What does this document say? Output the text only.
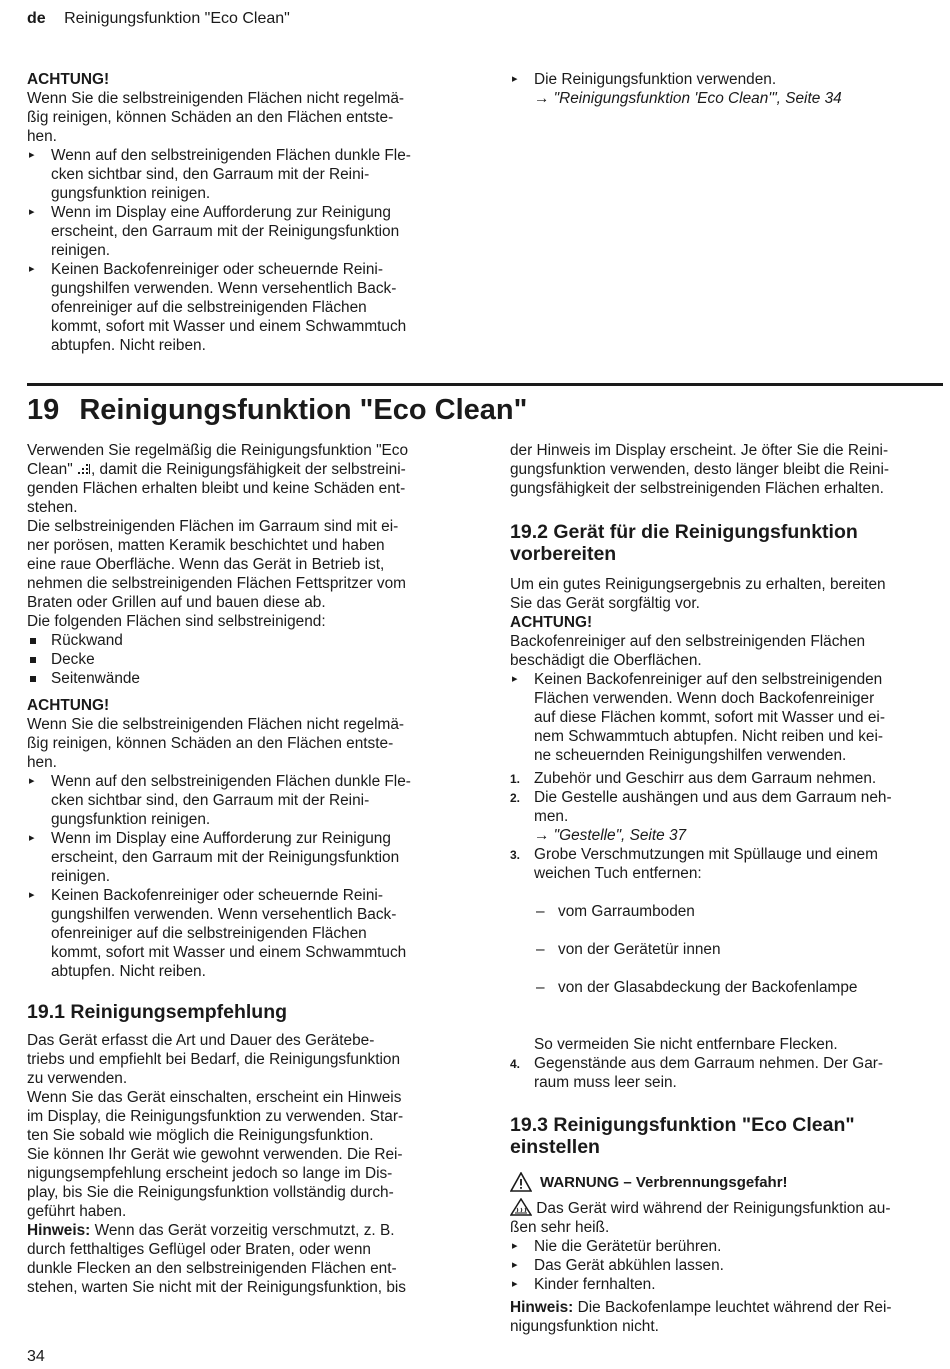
de Reinigungsfunktion "Eco Clean"

ACHTUNG!

Wenn Sie die selbstreinigenden Flächen nicht regelmä-
ßig reinigen, können Schäden an den Flächen entste-
hen.

▸ Wenn auf den selbstreinigenden Flächen dunkle Fle-
cken sichtbar sind, den Garraum mit der Reini-
gungsfunktion reinigen.
▸ Wenn im Display eine Aufforderung zur Reinigung
erscheint, den Garraum mit der Reinigungsfunktion
reinigen.
▸ Keinen Backofenreiniger oder scheuernde Reini-
gungshilfen verwenden. Wenn versehentlich Back-
ofenreiniger auf die selbstreinigenden Flächen
kommt, sofort mit Wasser und einem Schwammtuch
abtupfen. Nicht reiben.
▸ Die Reinigungsfunktion verwenden.

→ "Reinigungsfunktion 'Eco Clean'", Seite 34

19 Reinigungsfunktion "Eco Clean"

Verwenden Sie regelmäßig die Reinigungsfunktion "Eco
Clean" , damit die Reinigungsfähigkeit der selbstreini-
genden Flächen erhalten bleibt und keine Schäden ent-
stehen.

Die selbstreinigenden Flächen im Garraum sind mit ei-
ner porösen, matten Keramik beschichtet und haben
eine raue Oberfläche. Wenn das Gerät in Betrieb ist,
nehmen die selbstreinigenden Flächen Fettspritzer vom
Braten oder Grillen auf und bauen diese ab.
Die folgenden Flächen sind selbstreinigend:

Rückwand
Decke
Seitenwände

ACHTUNG!

Wenn Sie die selbstreinigenden Flächen nicht regelmä-
ßig reinigen, können Schäden an den Flächen entste-
hen.

▸ Wenn auf den selbstreinigenden Flächen dunkle Fle-
cken sichtbar sind, den Garraum mit der Reini-
gungsfunktion reinigen.
▸ Wenn im Display eine Aufforderung zur Reinigung
erscheint, den Garraum mit der Reinigungsfunktion
reinigen.
▸ Keinen Backofenreiniger oder scheuernde Reini-
gungshilfen verwenden. Wenn versehentlich Back-
ofenreiniger auf die selbstreinigenden Flächen
kommt, sofort mit Wasser und einem Schwammtuch
abtupfen. Nicht reiben.

19.1 Reinigungsempfehlung

Das Gerät erfasst die Art und Dauer des Gerätebe-
triebs und empfiehlt bei Bedarf, die Reinigungsfunktion
zu verwenden.
Wenn Sie das Gerät einschalten, erscheint ein Hinweis
im Display, die Reinigungsfunktion zu verwenden. Star-
ten Sie sobald wie möglich die Reinigungsfunktion.
Sie können Ihr Gerät wie gewohnt verwenden. Die Rei-
nigungsempfehlung erscheint jedoch so lange im Dis-
play, bis Sie die Reinigungsfunktion vollständig durch-
geführt haben.

Hinweis: Wenn das Gerät vorzeitig verschmutzt, z. B.
durch fetthaltiges Geflügel oder Braten, oder wenn
dunkle Flecken an den selbstreinigenden Flächen ent-
stehen, warten Sie nicht mit der Reinigungsfunktion, bis

der Hinweis im Display erscheint. Je öfter Sie die Reini-
gungsfunktion verwenden, desto länger bleibt die Reini-
gungsfähigkeit der selbstreinigenden Flächen erhalten.

19.2 Gerät für die Reinigungsfunktion
vorbereiten

Um ein gutes Reinigungsergebnis zu erhalten, bereiten
Sie das Gerät sorgfältig vor.

ACHTUNG!

Backofenreiniger auf den selbstreinigenden Flächen
beschädigt die Oberflächen.

▸ Keinen Backofenreiniger auf den selbstreinigenden
Flächen verwenden. Wenn doch Backofenreiniger
auf diese Flächen kommt, sofort mit Wasser und ei-
nem Schwammtuch abtupfen. Nicht reiben und kei-
ne scheuernden Reinigungshilfen verwenden.
1. Zubehör und Geschirr aus dem Garraum nehmen.
2. Die Gestelle aushängen und aus dem Garraum neh-
men.
→ "Gestelle", Seite 37
3. Grobe Verschmutzungen mit Spüllauge und einem
weichen Tuch entfernen:

– vom Garraumboden

– von der Gerätetür innen

– von der Glasabdeckung der Backofenlampe

So vermeiden Sie nicht entfernbare Flecken.

4. Gegenstände aus dem Garraum nehmen. Der Gar-
raum muss leer sein.

19.3 Reinigungsfunktion "Eco Clean"
einstellen

WARNUNG – Verbrennungsgefahr!

Das Gerät wird während der Reinigungsfunktion au-
ßen sehr heiß.

▸ Nie die Gerätetür berühren.
▸ Das Gerät abkühlen lassen.
▸ Kinder fernhalten.

Hinweis: Die Backofenlampe leuchtet während der Rei-
nigungsfunktion nicht.

34
